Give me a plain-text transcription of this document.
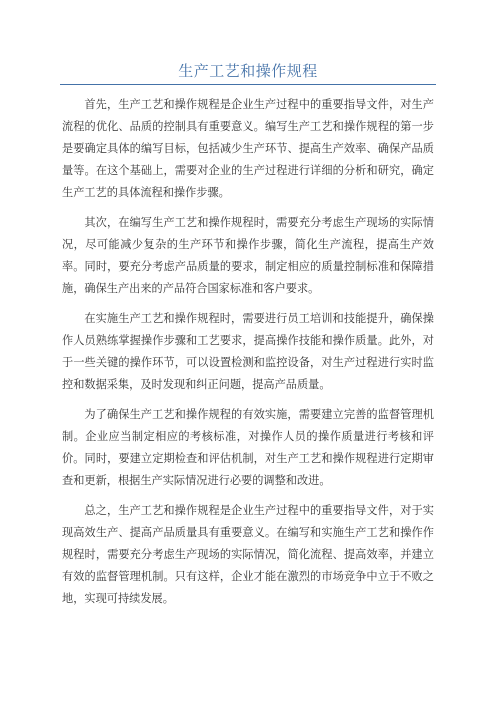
生产工艺和操作规程

首先，生产工艺和操作规程是企业生产过程中的重要指导文件，对生产流程的优化、品质的控制具有重要意义。编写生产工艺和操作规程的第一步是要确定具体的编写目标，包括减少生产环节、提高生产效率、确保产品质量等。在这个基础上，需要对企业的生产过程进行详细的分析和研究，确定生产工艺的具体流程和操作步骤。

其次，在编写生产工艺和操作规程时，需要充分考虑生产现场的实际情况，尽可能减少复杂的生产环节和操作步骤，简化生产流程，提高生产效率。同时，要充分考虑产品质量的要求，制定相应的质量控制标准和保障措施，确保生产出来的产品符合国家标准和客户要求。

在实施生产工艺和操作规程时，需要进行员工培训和技能提升，确保操作人员熟练掌握操作步骤和工艺要求，提高操作技能和操作质量。此外，对于一些关键的操作环节，可以设置检测和监控设备，对生产过程进行实时监控和数据采集，及时发现和纠正问题，提高产品质量。

为了确保生产工艺和操作规程的有效实施，需要建立完善的监督管理机制。企业应当制定相应的考核标准，对操作人员的操作质量进行考核和评价。同时，要建立定期检查和评估机制，对生产工艺和操作规程进行定期审查和更新，根据生产实际情况进行必要的调整和改进。

总之，生产工艺和操作规程是企业生产过程中的重要指导文件，对于实现高效生产、提高产品质量具有重要意义。在编写和实施生产工艺和操作作规程时，需要充分考虑生产现场的实际情况，简化流程、提高效率，并建立有效的监督管理机制。只有这样，企业才能在激烈的市场竞争中立于不败之地，实现可持续发展。
